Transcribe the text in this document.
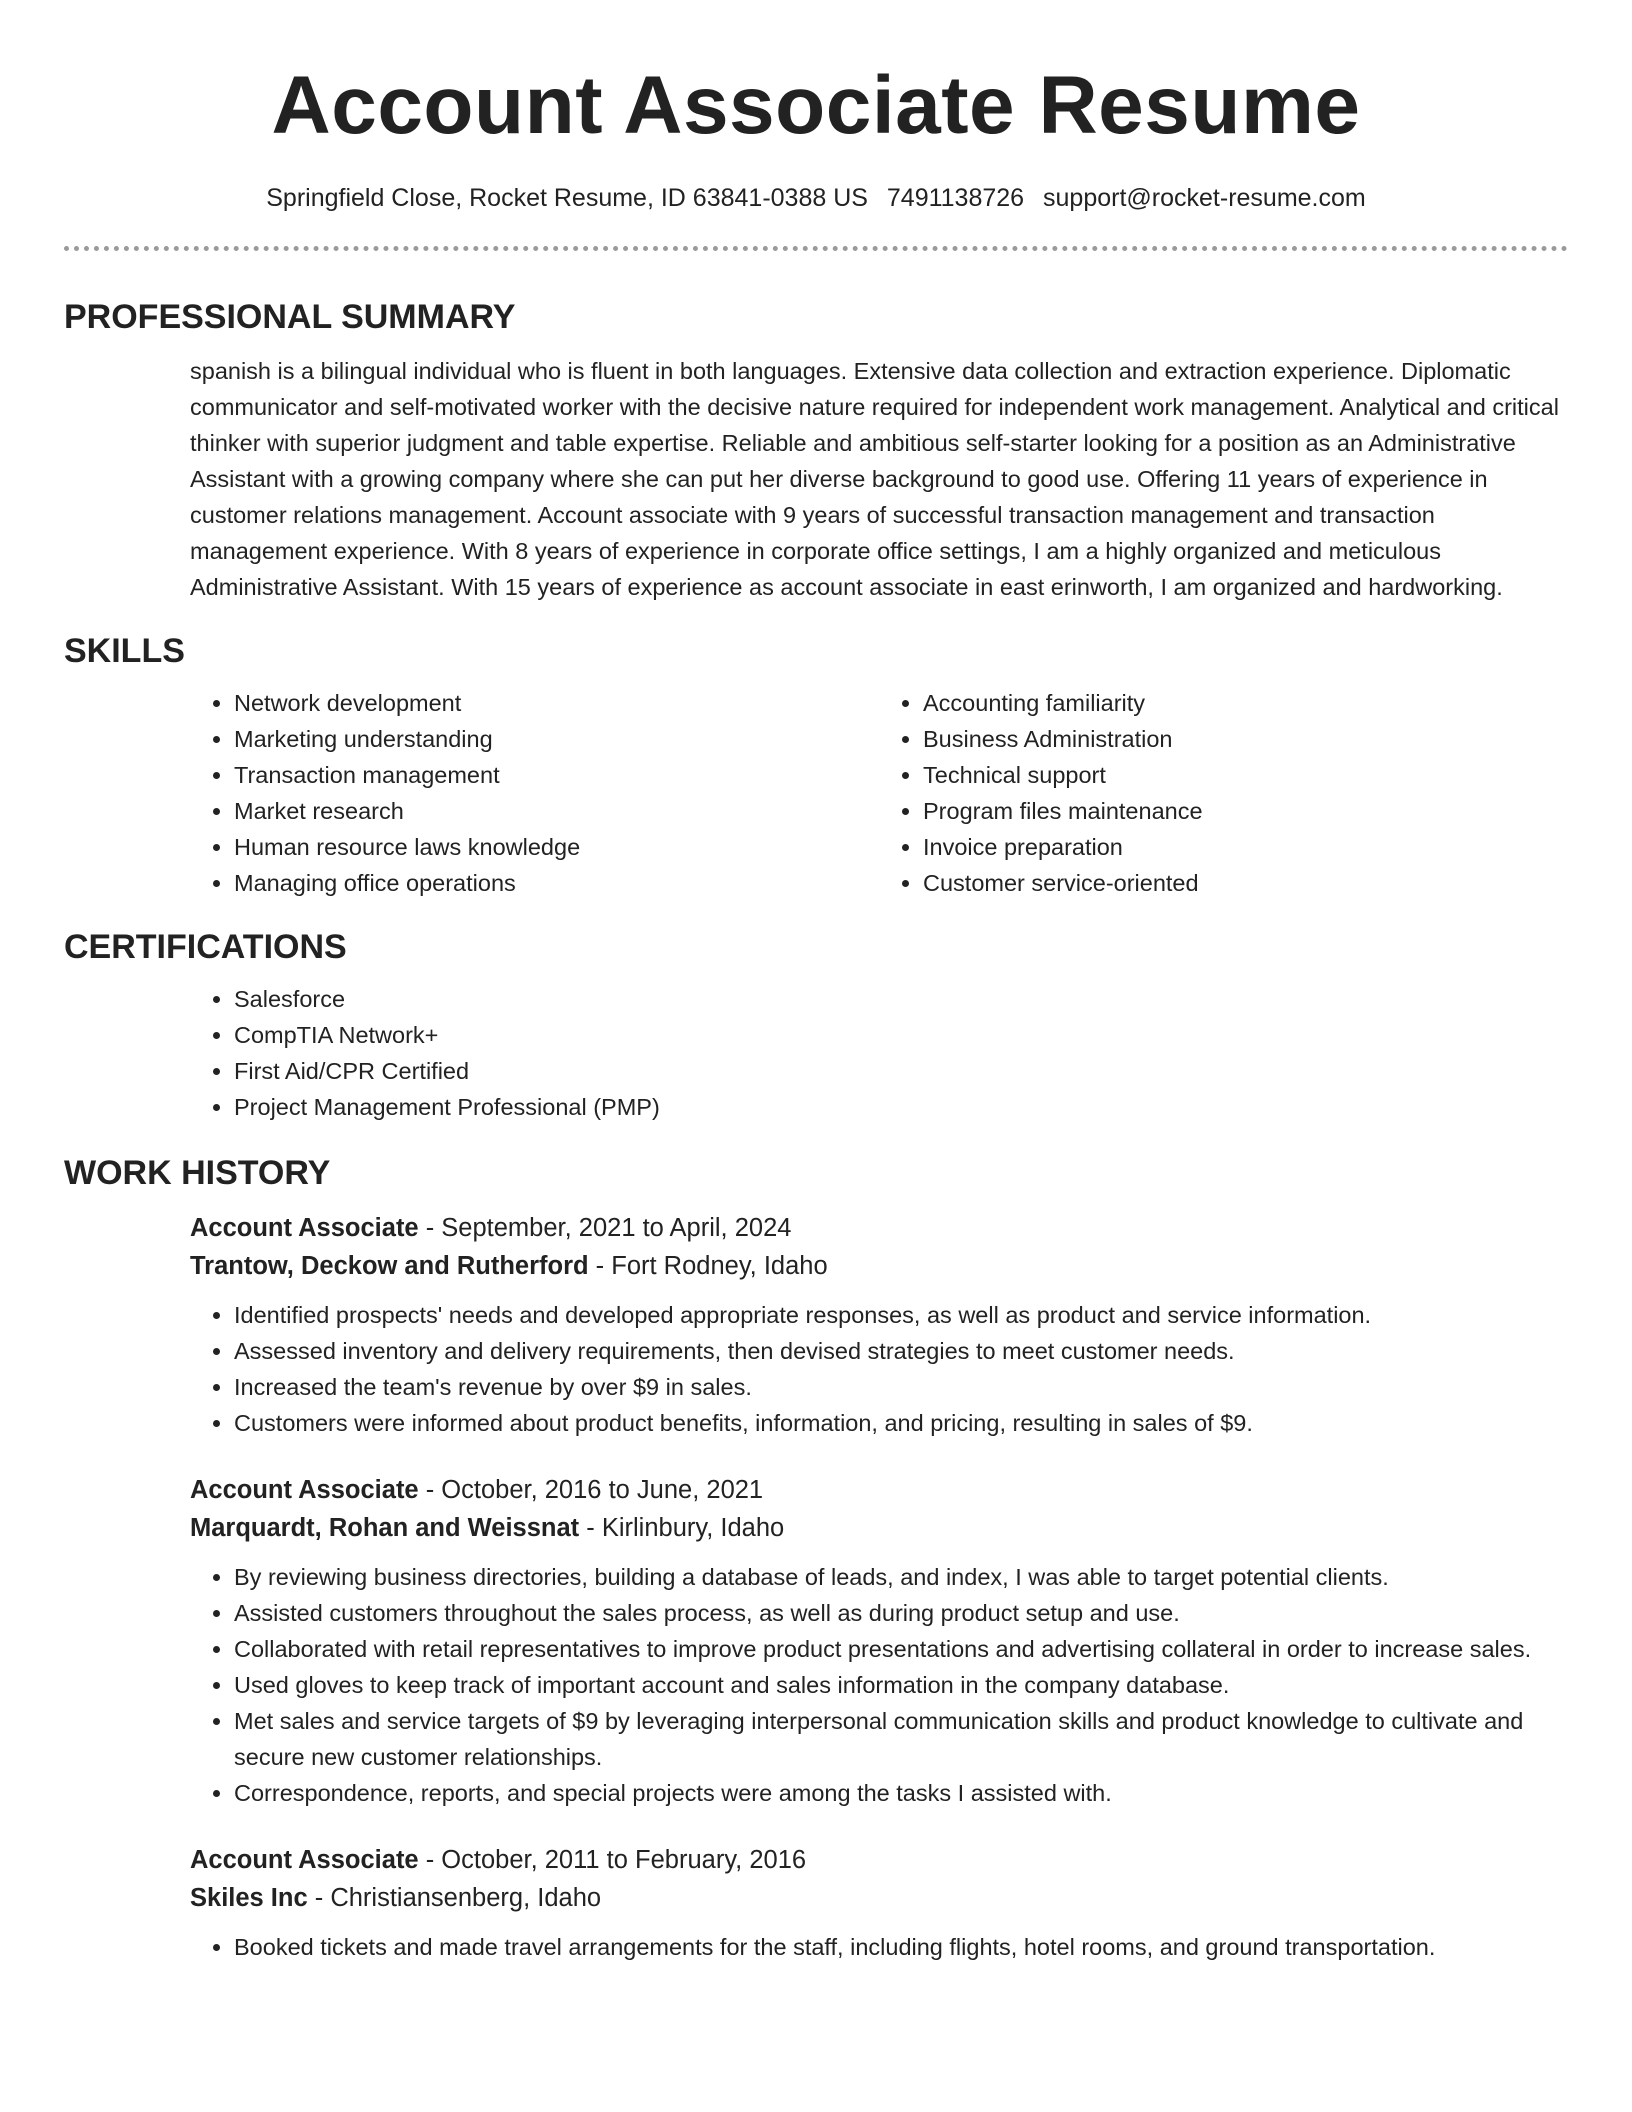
Account Associate Resume
Springfield Close, Rocket Resume, ID 63841-0388 US 7491138726 support@rocket-resume.com
PROFESSIONAL SUMMARY

spanish is a bilingual individual who is fluent in both languages. Extensive data collection and extraction experience. Diplomatic communicator and self-motivated worker with the decisive nature required for independent work management. Analytical and critical thinker with superior judgment and table expertise. Reliable and ambitious self-starter looking for a position as an Administrative Assistant with a growing company where she can put her diverse background to good use. Offering 11 years of experience in customer relations management. Account associate with 9 years of successful transaction management and transaction management experience. With 8 years of experience in corporate office settings, I am a highly organized and meticulous Administrative Assistant. With 15 years of experience as account associate in east erinworth, I am organized and hardworking.

SKILLS
• Network development
• Marketing understanding
• Transaction management
• Market research
• Human resource laws knowledge
• Managing office operations
• Accounting familiarity
• Business Administration
• Technical support
• Program files maintenance
• Invoice preparation
• Customer service-oriented
CERTIFICATIONS
• Salesforce
• CompTIA Network+
• First Aid/CPR Certified
• Project Management Professional (PMP)
WORK HISTORY

Account Associate - September, 2021 to April, 2024

Trantow, Deckow and Rutherford - Fort Rodney, Idaho

• Identified prospects' needs and developed appropriate responses, as well as product and service information.
• Assessed inventory and delivery requirements, then devised strategies to meet customer needs.
• Increased the team's revenue by over $9 in sales.
• Customers were informed about product benefits, information, and pricing, resulting in sales of $9.

Account Associate - October, 2016 to June, 2021

Marquardt, Rohan and Weissnat - Kirlinbury, Idaho

• By reviewing business directories, building a database of leads, and index, I was able to target potential clients.
• Assisted customers throughout the sales process, as well as during product setup and use.
• Collaborated with retail representatives to improve product presentations and advertising collateral in order to increase sales.
• Used gloves to keep track of important account and sales information in the company database.
• Met sales and service targets of $9 by leveraging interpersonal communication skills and product knowledge to cultivate and secure new customer relationships.
• Correspondence, reports, and special projects were among the tasks I assisted with.

Account Associate - October, 2011 to February, 2016

Skiles Inc - Christiansenberg, Idaho

• Booked tickets and made travel arrangements for the staff, including flights, hotel rooms, and ground transportation.
